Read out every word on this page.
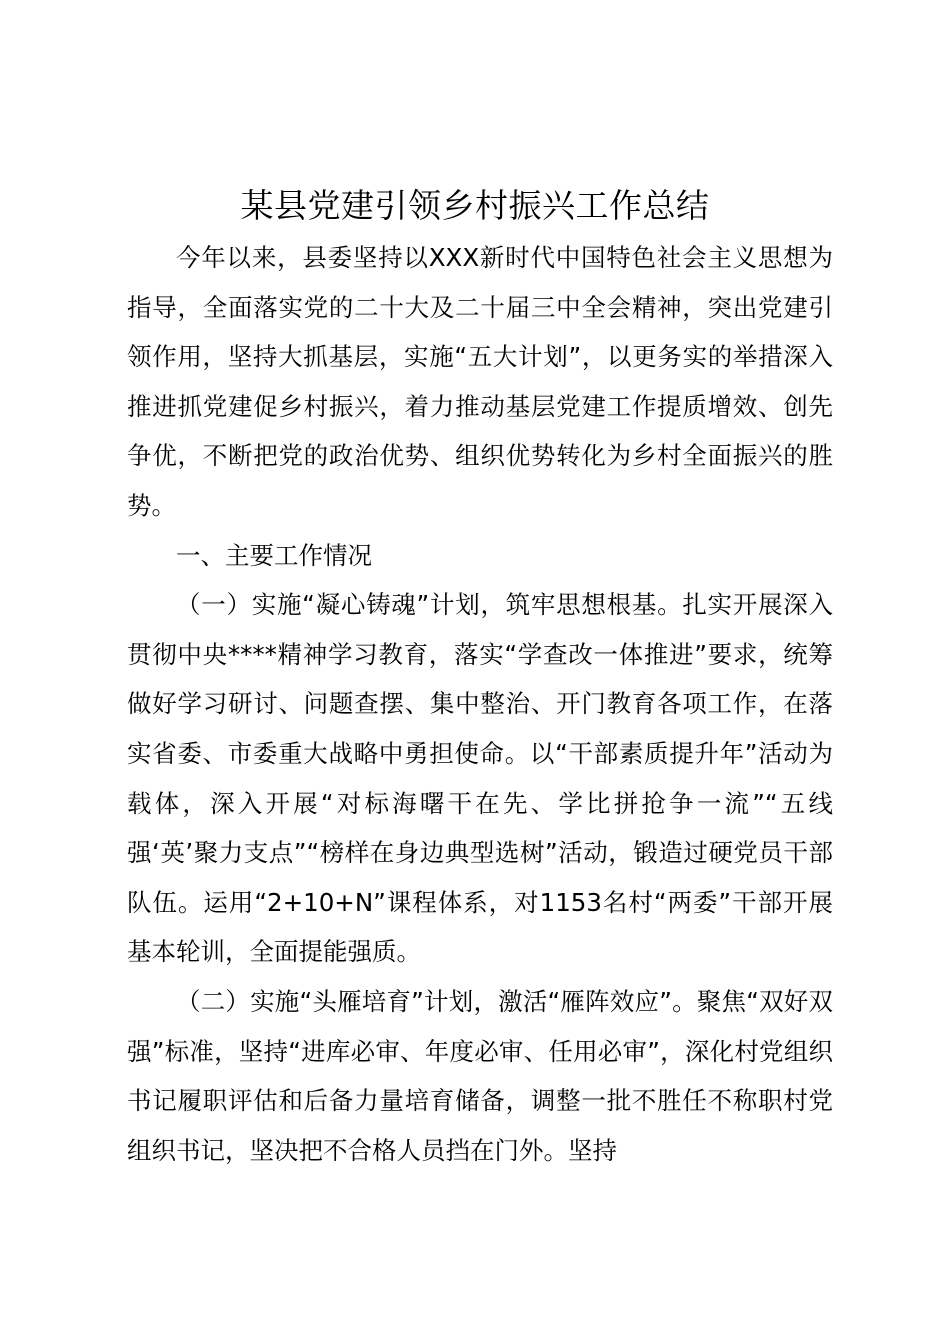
某县党建引领乡村振兴工作总结

今年以来，县委坚持以XXX新时代中国特色社会主义思想为指导，全面落实党的二十大及二十届三中全会精神，突出党建引领作用，坚持大抓基层，实施“五大计划”，以更务实的举措深入推进抓党建促乡村振兴，着力推动基层党建工作提质增效、创先争优，不断把党的政治优势、组织优势转化为乡村全面振兴的胜势。

一、主要工作情况

（一）实施“凝心铸魂”计划，筑牢思想根基。扎实开展深入贯彻中央****精神学习教育，落实“学查改一体推进”要求，统筹做好学习研讨、问题查摆、集中整治、开门教育各项工作，在落实省委、市委重大战略中勇担使命。以“干部素质提升年”活动为载体，深入开展“对标海曙干在先、学比拼抢争一流”“五线强‘英’聚力支点”“榜样在身边典型选树”活动，锻造过硬党员干部队伍。运用“2+10+N”课程体系，对1153名村“两委”干部开展基本轮训，全面提能强质。

（二）实施“头雁培育”计划，激活“雁阵效应”。聚焦“双好双强”标准，坚持“进库必审、年度必审、任用必审”，深化村党组织书记履职评估和后备力量培育储备，调整一批不胜任不称职村党组织书记，坚决把不合格人员挡在门外。坚持
